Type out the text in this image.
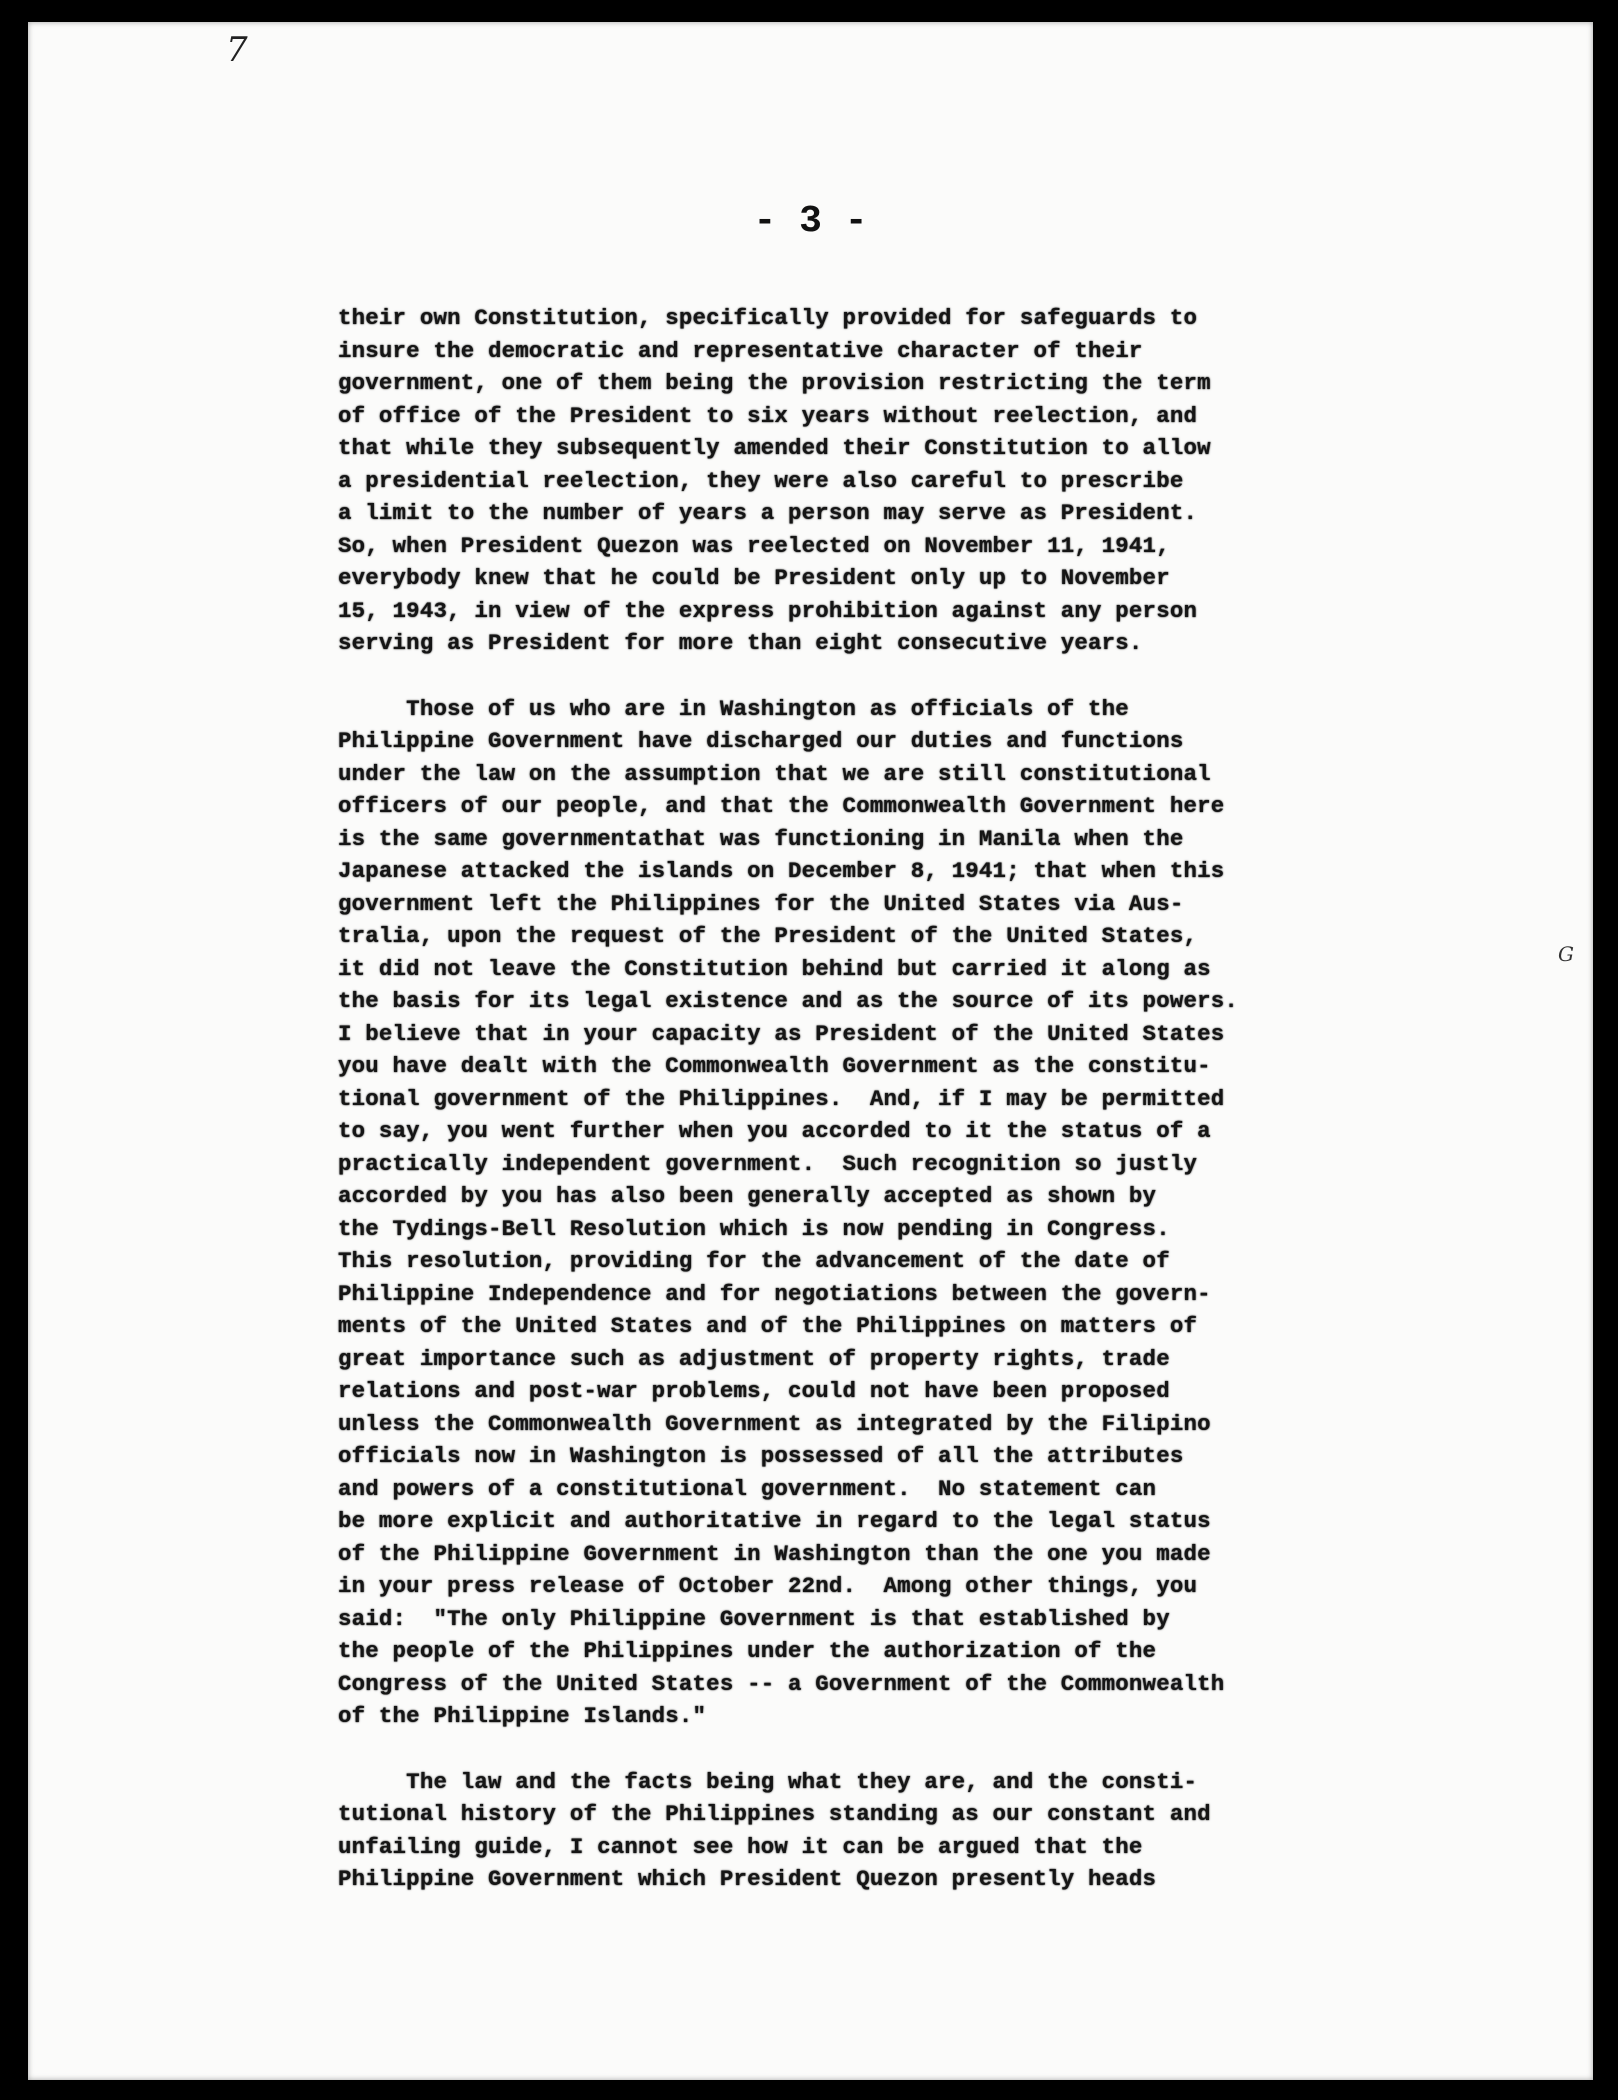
7
G
- 3 -
their own Constitution, specifically provided for safeguards to
insure the democratic and representative character of their
government, one of them being the provision restricting the term
of office of the President to six years without reelection, and
that while they subsequently amended their Constitution to allow
a presidential reelection, they were also careful to prescribe
a limit to the number of years a person may serve as President.
So, when President Quezon was reelected on November 11, 1941,
everybody knew that he could be President only up to November
15, 1943, in view of the express prohibition against any person
serving as President for more than eight consecutive years.
Those of us who are in Washington as officials of the
Philippine Government have discharged our duties and functions
under the law on the assumption that we are still constitutional
officers of our people, and that the Commonwealth Government here
is the same governmentathat was functioning in Manila when the
Japanese attacked the islands on December 8, 1941; that when this
government left the Philippines for the United States via Aus-
tralia, upon the request of the President of the United States,
it did not leave the Constitution behind but carried it along as
the basis for its legal existence and as the source of its powers.
I believe that in your capacity as President of the United States
you have dealt with the Commonwealth Government as the constitu-
tional government of the Philippines.  And, if I may be permitted
to say, you went further when you accorded to it the status of a
practically independent government.  Such recognition so justly
accorded by you has also been generally accepted as shown by
the Tydings-Bell Resolution which is now pending in Congress.
This resolution, providing for the advancement of the date of
Philippine Independence and for negotiations between the govern-
ments of the United States and of the Philippines on matters of
great importance such as adjustment of property rights, trade
relations and post-war problems, could not have been proposed
unless the Commonwealth Government as integrated by the Filipino
officials now in Washington is possessed of all the attributes
and powers of a constitutional government.  No statement can
be more explicit and authoritative in regard to the legal status
of the Philippine Government in Washington than the one you made
in your press release of October 22nd.  Among other things, you
said:  "The only Philippine Government is that established by
the people of the Philippines under the authorization of the
Congress of the United States -- a Government of the Commonwealth
of the Philippine Islands."
The law and the facts being what they are, and the consti-
tutional history of the Philippines standing as our constant and
unfailing guide, I cannot see how it can be argued that the
Philippine Government which President Quezon presently heads
